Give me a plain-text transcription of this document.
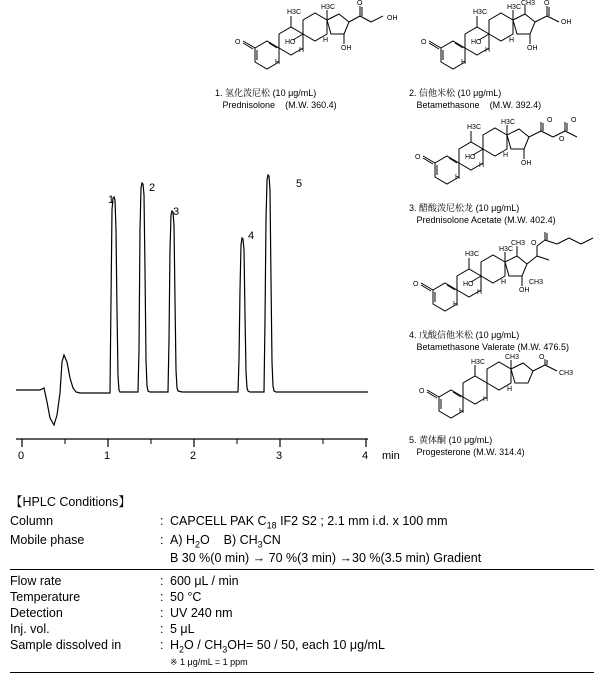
1
2
3
4
5
0	1	2	3	4 min
O
H3C
H3C
HO
OH
OH
O
H
H
H
1. 氢化泼尼松 (10 μg/mL)
Prednisolone (M.W. 360.4)
O
H3C
H3C
HO
O
OH
OH
CH3
H
H
H
2. 信他米松 (10 μg/mL)
Betamethasone (M.W. 392.4)
O
H3C
H3C
HO
O
O
O
OH
H
H
H
3. 醋酸泼尼松龙 (10 μg/mL)
Prednisolone Acetate (M.W. 402.4)
O
H3C
H3C
HO
O
OH
CH3
H
H
H	CH3
4. 戊酸信他米松 (10 μg/mL)
Betamethasone Valerate (M.W. 476.5)
O
H3C
CH3	O
CH3
H
H
H
5. 黄体酮 (10 μg/mL)
Progesterone (M.W. 314.4)
【HPLC Conditions】
Column	:	CAPCELL PAK $C_{18}$ IF2 S2 ; 2.1 mm i.d. x 100 mm
Mobile phase	:	A) $H_2O$    B) $CH_3CN$
		B 30 %(0 min) → 70 %(3 min) →30 %(3.5 min) Gradient
Flow rate	:	600 μL / min
Temperature	:	50 °C
Detection	:	UV 240 nm
Inj. vol.	:	5 μL
Sample dissolved in	:	$H_2O / CH_3OH= 50 / 50$, each 10 μg/mL
		※ 1 μg/mL = 1 ppm
